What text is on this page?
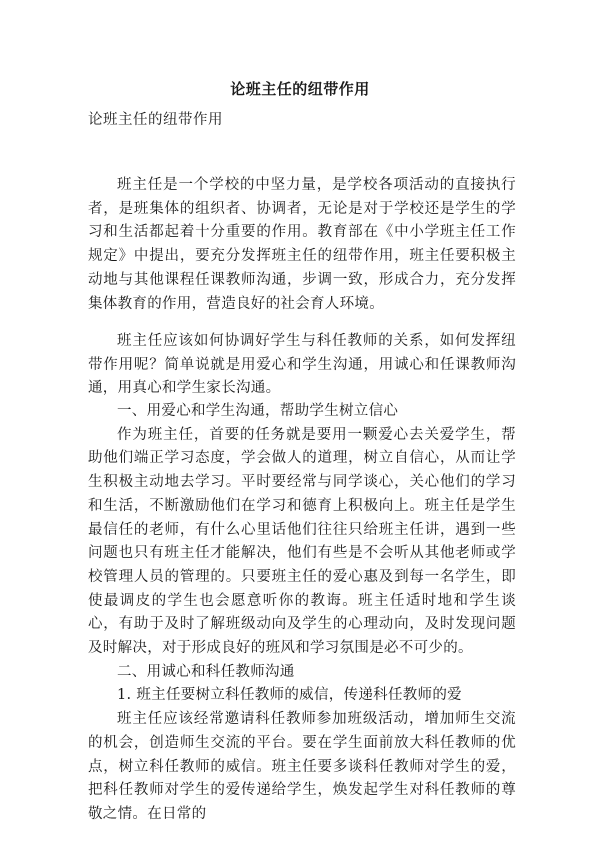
论班主任的纽带作用
论班主任的纽带作用

班主任是一个学校的中坚力量，是学校各项活动的直接执行者，是班集体的组织者、协调者，无论是对于学校还是学生的学习和生活都起着十分重要的作用。教育部在《中小学班主任工作规定》中提出，要充分发挥班主任的纽带作用，班主任要积极主动地与其他课程任课教师沟通，步调一致，形成合力，充分发挥集体教育的作用，营造良好的社会育人环境。

班主任应该如何协调好学生与科任教师的关系，如何发挥纽带作用呢？简单说就是用爱心和学生沟通，用诚心和任课教师沟通，用真心和学生家长沟通。

一、用爱心和学生沟通，帮助学生树立信心

作为班主任，首要的任务就是要用一颗爱心去关爱学生，帮助他们端正学习态度，学会做人的道理，树立自信心，从而让学生积极主动地去学习。平时要经常与同学谈心，关心他们的学习和生活，不断激励他们在学习和德育上积极向上。班主任是学生最信任的老师，有什么心里话他们往往只给班主任讲，遇到一些问题也只有班主任才能解决，他们有些是不会听从其他老师或学校管理人员的管理的。只要班主任的爱心惠及到每一名学生，即使最调皮的学生也会愿意听你的教诲。班主任适时地和学生谈心，有助于及时了解班级动向及学生的心理动向，及时发现问题及时解决，对于形成良好的班风和学习氛围是必不可少的。

二、用诚心和科任教师沟通

1. 班主任要树立科任教师的威信，传递科任教师的爱

班主任应该经常邀请科任教师参加班级活动，增加师生交流的机会，创造师生交流的平台。要在学生面前放大科任教师的优点，树立科任教师的威信。班主任要多谈科任教师对学生的爱，把科任教师对学生的爱传递给学生，焕发起学生对科任教师的尊敬之情。在日常的
